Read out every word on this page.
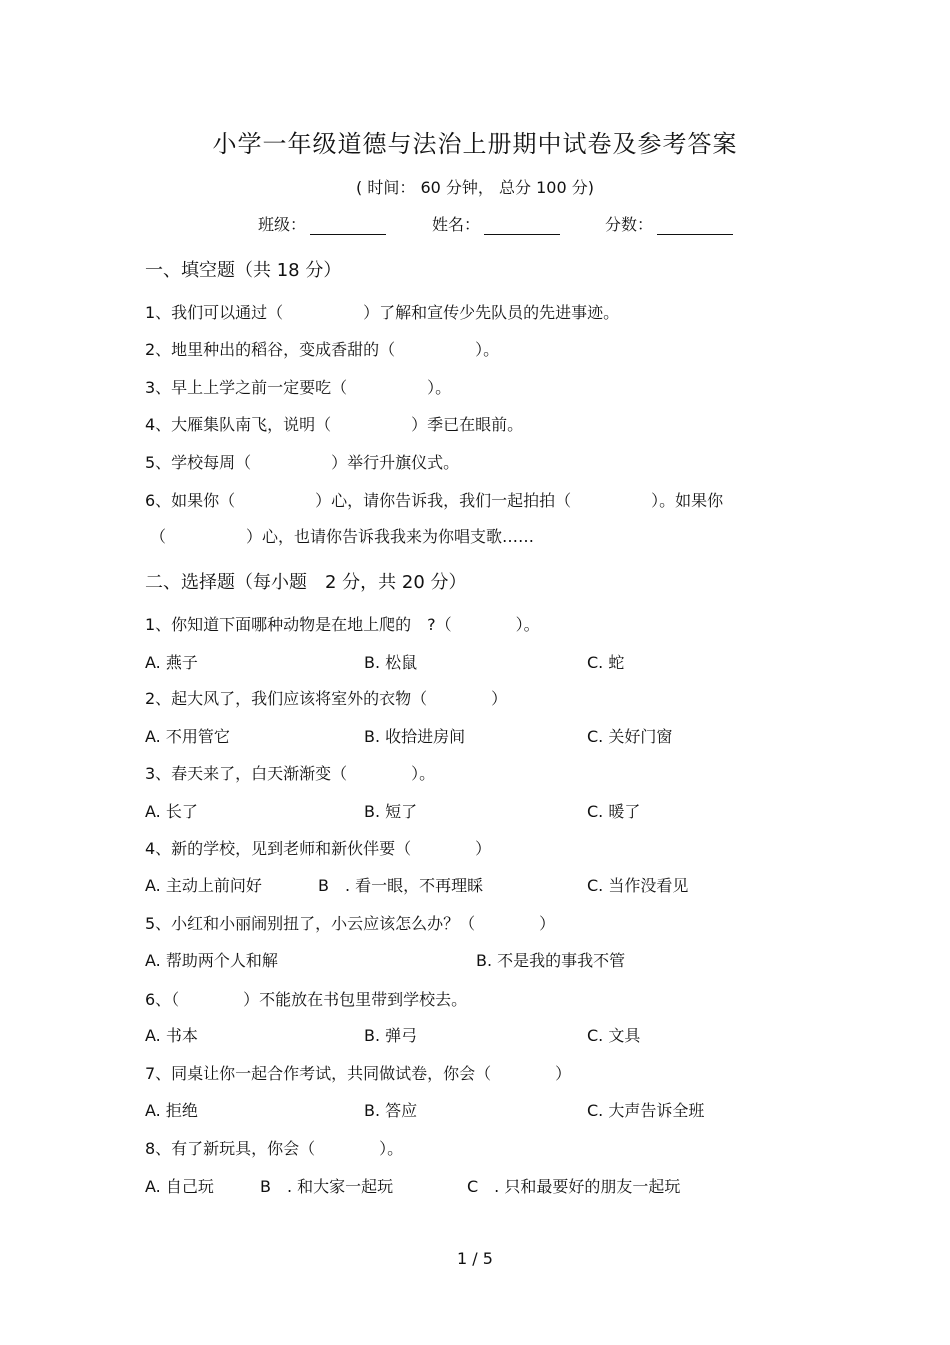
小学一年级道德与法治上册期中试卷及参考答案
( 时间： 60 分钟， 总分 100 分)
班级：	姓名：	分数：
一、填空题（共 18 分）
1、我们可以通过（　　　　　）了解和宣传少先队员的先进事迹。
2、地里种出的稻谷，变成香甜的（　　　　　）。
3、早上上学之前一定要吃（　　　　　）。
4、大雁集队南飞，说明（　　　　　）季已在眼前。
5、学校每周（　　　　　）举行升旗仪式。
6、如果你（　　　　　）心，请你告诉我，我们一起拍拍（　　　　　）。如果你
（　　　　　）心，也请你告诉我我来为你唱支歌……
二、选择题（每小题　2 分，共 20 分）
1、你知道下面哪种动物是在地上爬的　?（　　　　）。
A. 燕子	B. 松鼠	C. 蛇
2、起大风了，我们应该将室外的衣物（　　　　）
A. 不用管它	B. 收拾进房间	C. 关好门窗
3、春天来了，白天渐渐变（　　　　）。
A. 长了	B. 短了	C. 暖了
4、新的学校，见到老师和新伙伴要（　　　　）
A. 主动上前问好	B　. 看一眼，不再理睬	C. 当作没看见
5、小红和小丽闹别扭了，小云应该怎么办？（　　　　）
A. 帮助两个人和解	B. 不是我的事我不管
6、（　　　　）不能放在书包里带到学校去。
A. 书本	B. 弹弓	C. 文具
7、同桌让你一起合作考试，共同做试卷，你会（　　　　）
A. 拒绝	B. 答应	C. 大声告诉全班
8、有了新玩具，你会（　　　　）。
A. 自己玩	B　. 和大家一起玩	C　. 只和最要好的朋友一起玩
1 / 5
